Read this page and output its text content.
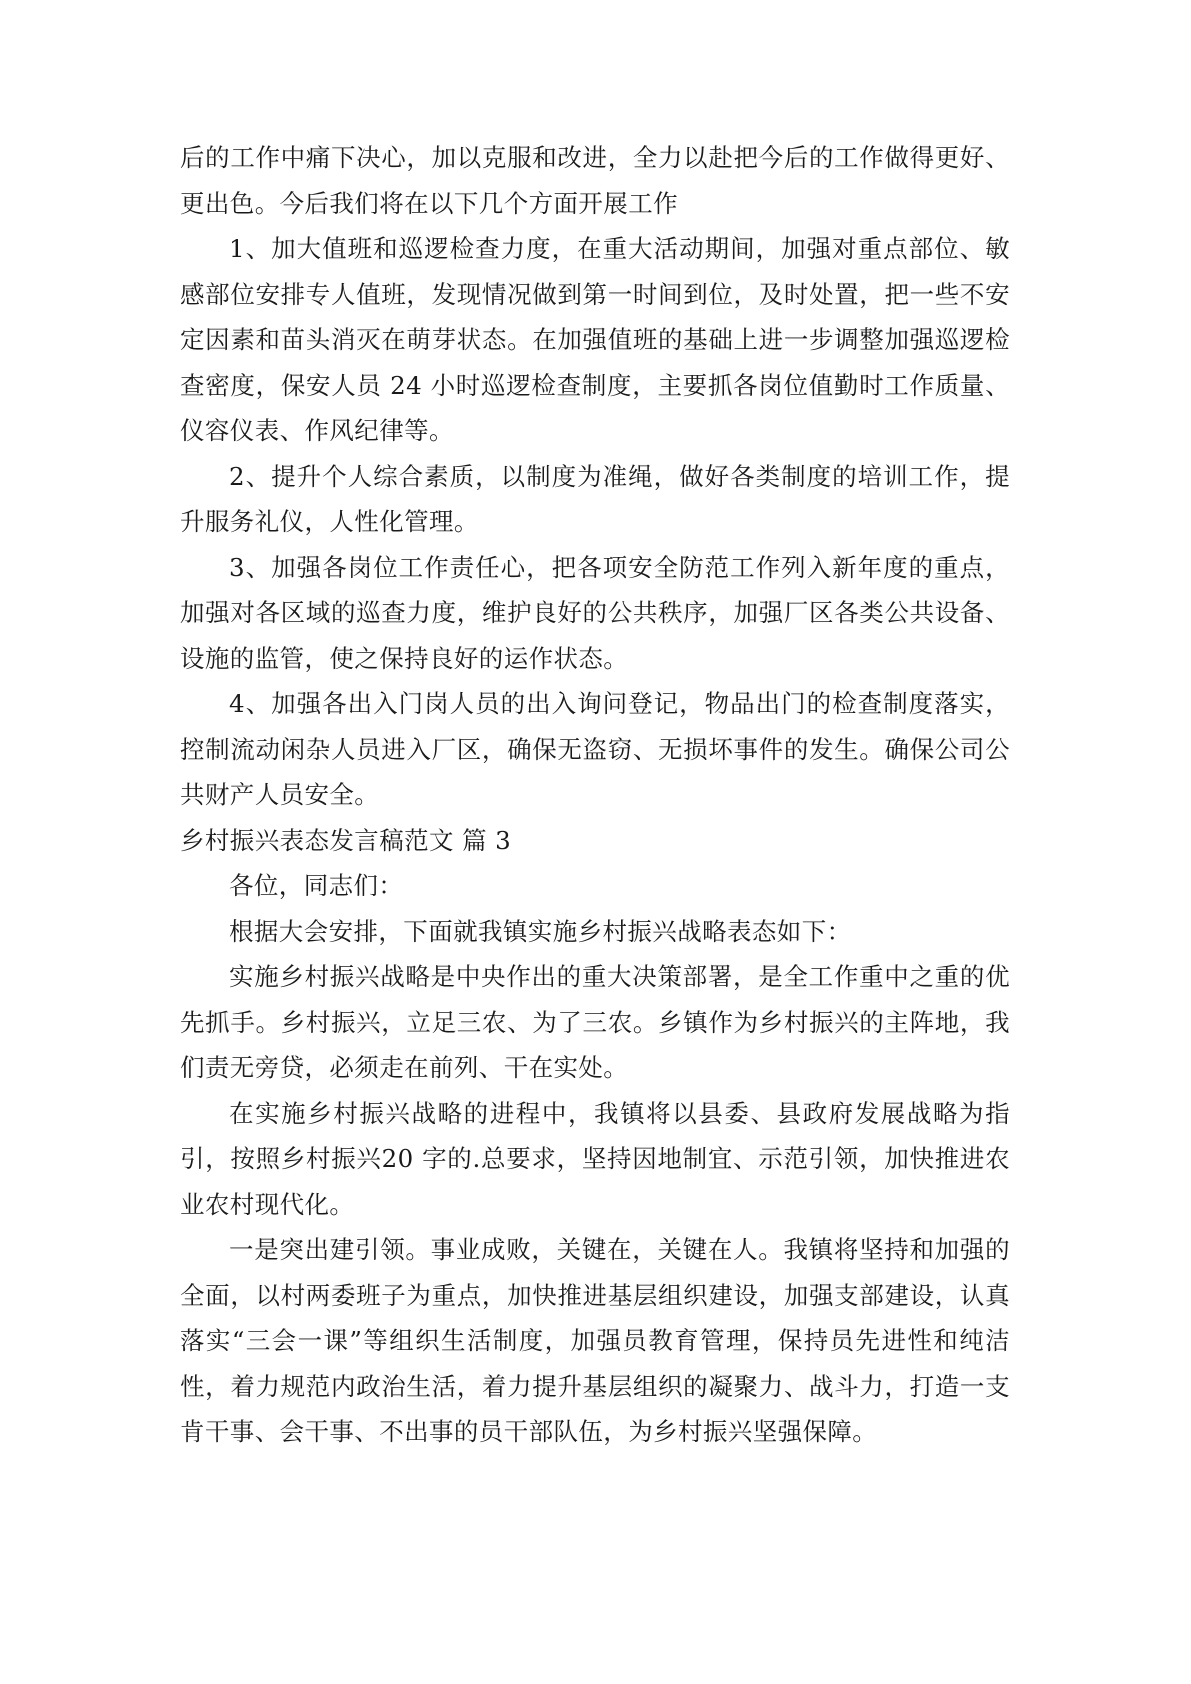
后的工作中痛下决心，加以克服和改进，全力以赴把今后的工作做得更好、更出色。今后我们将在以下几个方面开展工作

1、加大值班和巡逻检查力度，在重大活动期间，加强对重点部位、敏感部位安排专人值班，发现情况做到第一时间到位，及时处置，把一些不安定因素和苗头消灭在萌芽状态。在加强值班的基础上进一步调整加强巡逻检查密度，保安人员 24 小时巡逻检查制度，主要抓各岗位值勤时工作质量、仪容仪表、作风纪律等。

2、提升个人综合素质，以制度为准绳，做好各类制度的培训工作，提升服务礼仪，人性化管理。

3、加强各岗位工作责任心，把各项安全防范工作列入新年度的重点，加强对各区域的巡查力度，维护良好的公共秩序，加强厂区各类公共设备、设施的监管，使之保持良好的运作状态。

4、加强各出入门岗人员的出入询问登记，物品出门的检查制度落实，控制流动闲杂人员进入厂区，确保无盗窃、无损坏事件的发生。确保公司公共财产人员安全。

乡村振兴表态发言稿范文 篇 3

各位，同志们：

根据大会安排，下面就我镇实施乡村振兴战略表态如下：

实施乡村振兴战略是中央作出的重大决策部署，是全工作重中之重的优先抓手。乡村振兴，立足三农、为了三农。乡镇作为乡村振兴的主阵地，我们责无旁贷，必须走在前列、干在实处。

在实施乡村振兴战略的进程中，我镇将以县委、县政府发展战略为指引，按照乡村振兴20 字的.总要求，坚持因地制宜、示范引领，加快推进农业农村现代化。

一是突出建引领。事业成败，关键在，关键在人。我镇将坚持和加强的全面，以村两委班子为重点，加快推进基层组织建设，加强支部建设，认真落实“三会一课”等组织生活制度，加强员教育管理，保持员先进性和纯洁性，着力规范内政治生活，着力提升基层组织的凝聚力、战斗力，打造一支肯干事、会干事、不出事的员干部队伍，为乡村振兴坚强保障。
